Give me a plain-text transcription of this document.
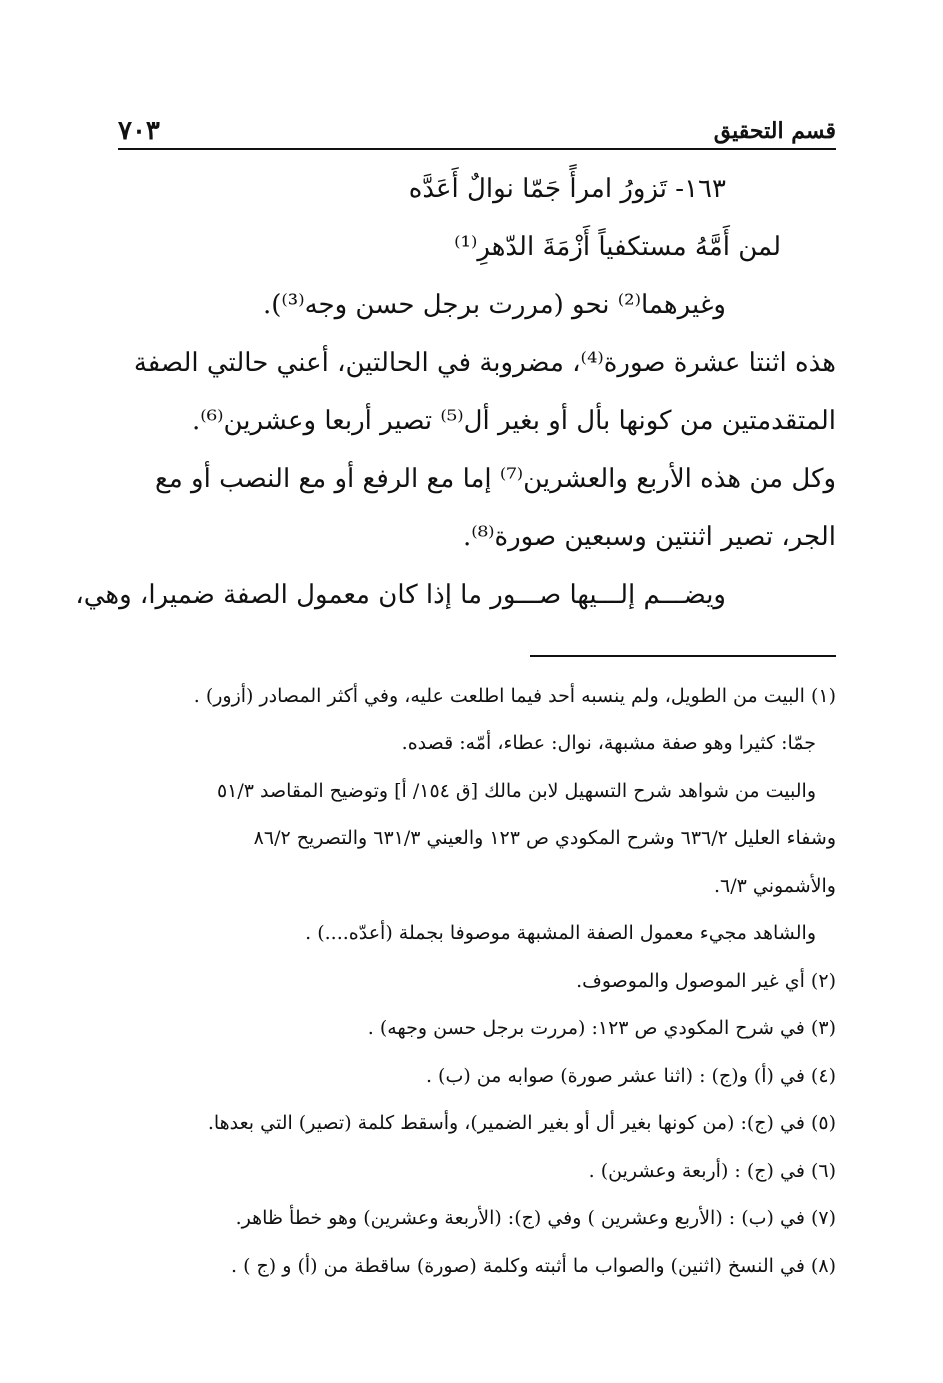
قسم التحقيق
٧٠٣
١٦٣- تَزورُ امرأً جَمّا نوالٌ أَعَدَّه
لمن أَمَّهُ مستكفياً أَزْمَةَ الدّهرِ⁽¹⁾
وغيرهما⁽²⁾ نحو (مررت برجل حسن وجه⁽³⁾).
هذه اثنتا عشرة صورة⁽⁴⁾، مضروبة في الحالتين، أعني حالتي الصفة
المتقدمتين من كونها بأل أو بغير أل⁽⁵⁾ تصير أربعا وعشرين⁽⁶⁾.
وكل من هذه الأربع والعشرين⁽⁷⁾ إما مع الرفع أو مع النصب أو مع
الجر، تصير اثنتين وسبعين صورة⁽⁸⁾.
ويضـــم إلـــيها صـــور ما إذا كان معمول الصفة ضميرا، وهي،
(١) البيت من الطويل، ولم ينسبه أحد فيما اطلعت عليه، وفي أكثر المصادر (أزور) .
جمّا: كثيرا وهو صفة مشبهة، نوال: عطاء، أمّه: قصده.
والبيت من شواهد شرح التسهيل لابن مالك [ق ١٥٤/ أ] وتوضيح المقاصد ٥١/٣
وشفاء العليل ٦٣٦/٢ وشرح المكودي ص ١٢٣ والعيني ٦٣١/٣ والتصريح ٨٦/٢
والأشموني ٦/٣.
والشاهد مجيء معمول الصفة المشبهة موصوفا بجملة (أعدّه....) .
(٢) أي غير الموصول والموصوف.
(٣) في شرح المكودي ص ١٢٣: (مررت برجل حسن وجهه) .
(٤) في (أ) و(ج) : (اثنا عشر صورة) صوابه من (ب) .
(٥) في (ج): (من كونها بغير أل أو بغير الضمير)، وأسقط كلمة (تصير) التي بعدها.
(٦) في (ج) : (أربعة وعشرين) .
(٧) في (ب) : (الأربع وعشرين ) وفي (ج): (الأربعة وعشرين) وهو خطأ ظاهر.
(٨) في النسخ (اثنين) والصواب ما أثبته وكلمة (صورة) ساقطة من (أ) و (ج ) .
